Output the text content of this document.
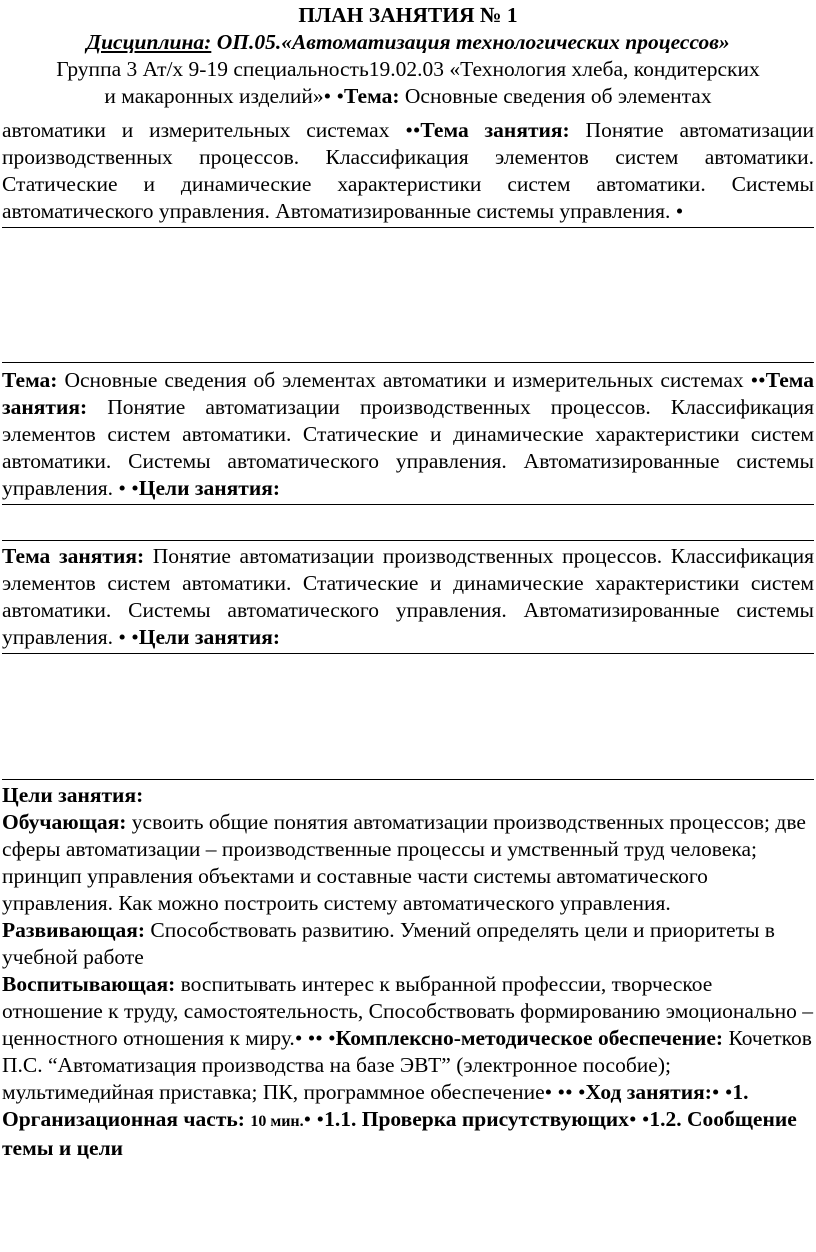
ПЛАН ЗАНЯТИЯ № 1

Дисциплина: ОП.05.«Автоматизация технологических процессов»

Группа 3 Ат/х 9-19 специальность19.02.03 «Технология хлеба, кондитерских

и макаронных изделий»• •Тема: Основные сведения об элементах

автоматики и измерительных системах ••Тема занятия: Понятие автоматизации производственных процессов. Классификация элементов систем автоматики. Статические и динамические характеристики систем автоматики. Системы автоматического управления. Автоматизированные системы управления. •

Тема: Основные сведения об элементах автоматики и измерительных системах ••Тема занятия: Понятие автоматизации производственных процессов. Классификация элементов систем автоматики. Статические и динамические характеристики систем автоматики. Системы автоматического управления. Автоматизированные системы управления. • •Цели занятия:

Тема занятия: Понятие автоматизации производственных процессов. Классификация элементов систем автоматики. Статические и динамические характеристики систем автоматики. Системы автоматического управления. Автоматизированные системы управления. • •Цели занятия:

Цели занятия:

Обучающая: усвоить общие понятия автоматизации производственных процессов; две сферы автоматизации – производственные процессы и умственный труд человека; принцип управления объектами и составные части системы автоматического управления. Как можно построить систему автоматического управления.

Развивающая: Способствовать развитию. Умений определять цели и приоритеты в учебной работе

Воспитывающая: воспитывать интерес к выбранной профессии, творческое отношение к труду, самостоятельность, Способствовать формированию эмоционально – ценностного отношения к миру.• •• •Комплексно-методическое обеспечение: Кочетков П.С. “Автоматизация производства на базе ЭВТ” (электронное пособие); мультимедийная приставка; ПК, программное обеспечение• •• •Ход занятия:• •1. Организационная часть: 10 мин.• •1.1. Проверка присутствующих• •1.2. Сообщение темы и цели
